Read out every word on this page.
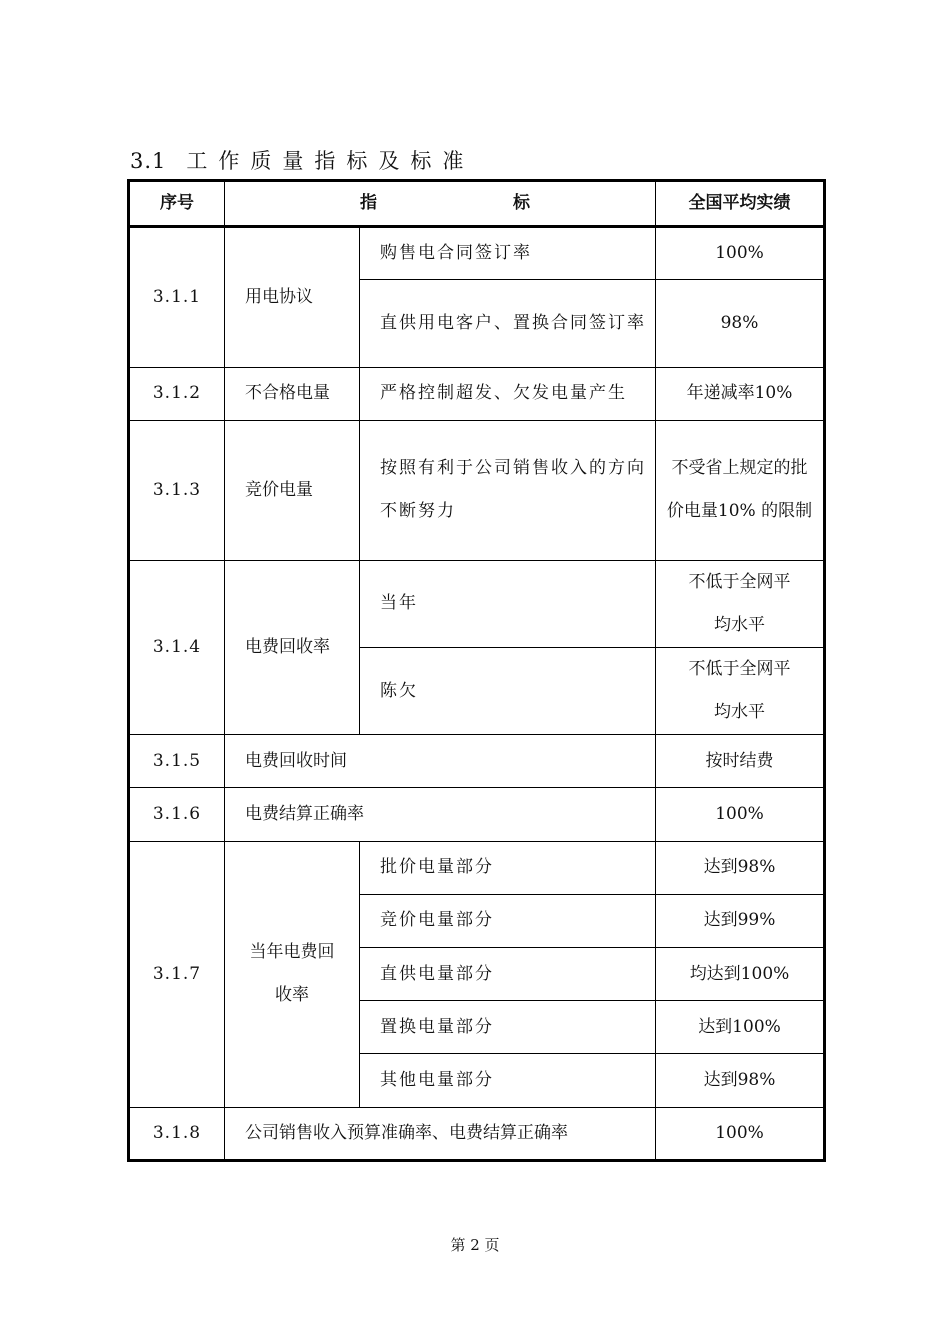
3.1 工作质量指标及标准
序号	指 标		全国平均实绩
3.1.1	用电协议	购售电合同签订率	100%
		直供用电客户、置换合同签订率	98%
3.1.2	不合格电量	严格控制超发、欠发电量产生	年递减率10%
3.1.3	竞价电量	按照有利于公司销售收入的方向不断努力	不受省上规定的批价电量10% 的限制
3.1.4	电费回收率	当年	不低于全网平均水平
		陈欠	不低于全网平均水平
3.1.5	电费回收时间		按时结费
3.1.6	电费结算正确率		100%
3.1.7	当年电费回收率	批价电量部分	达到98%
		竞价电量部分	达到99%
		直供电量部分	均达到100%
		置换电量部分	达到100%
		其他电量部分	达到98%
3.1.8	公司销售收入预算准确率、电费结算正确率		100%
第 2 页
